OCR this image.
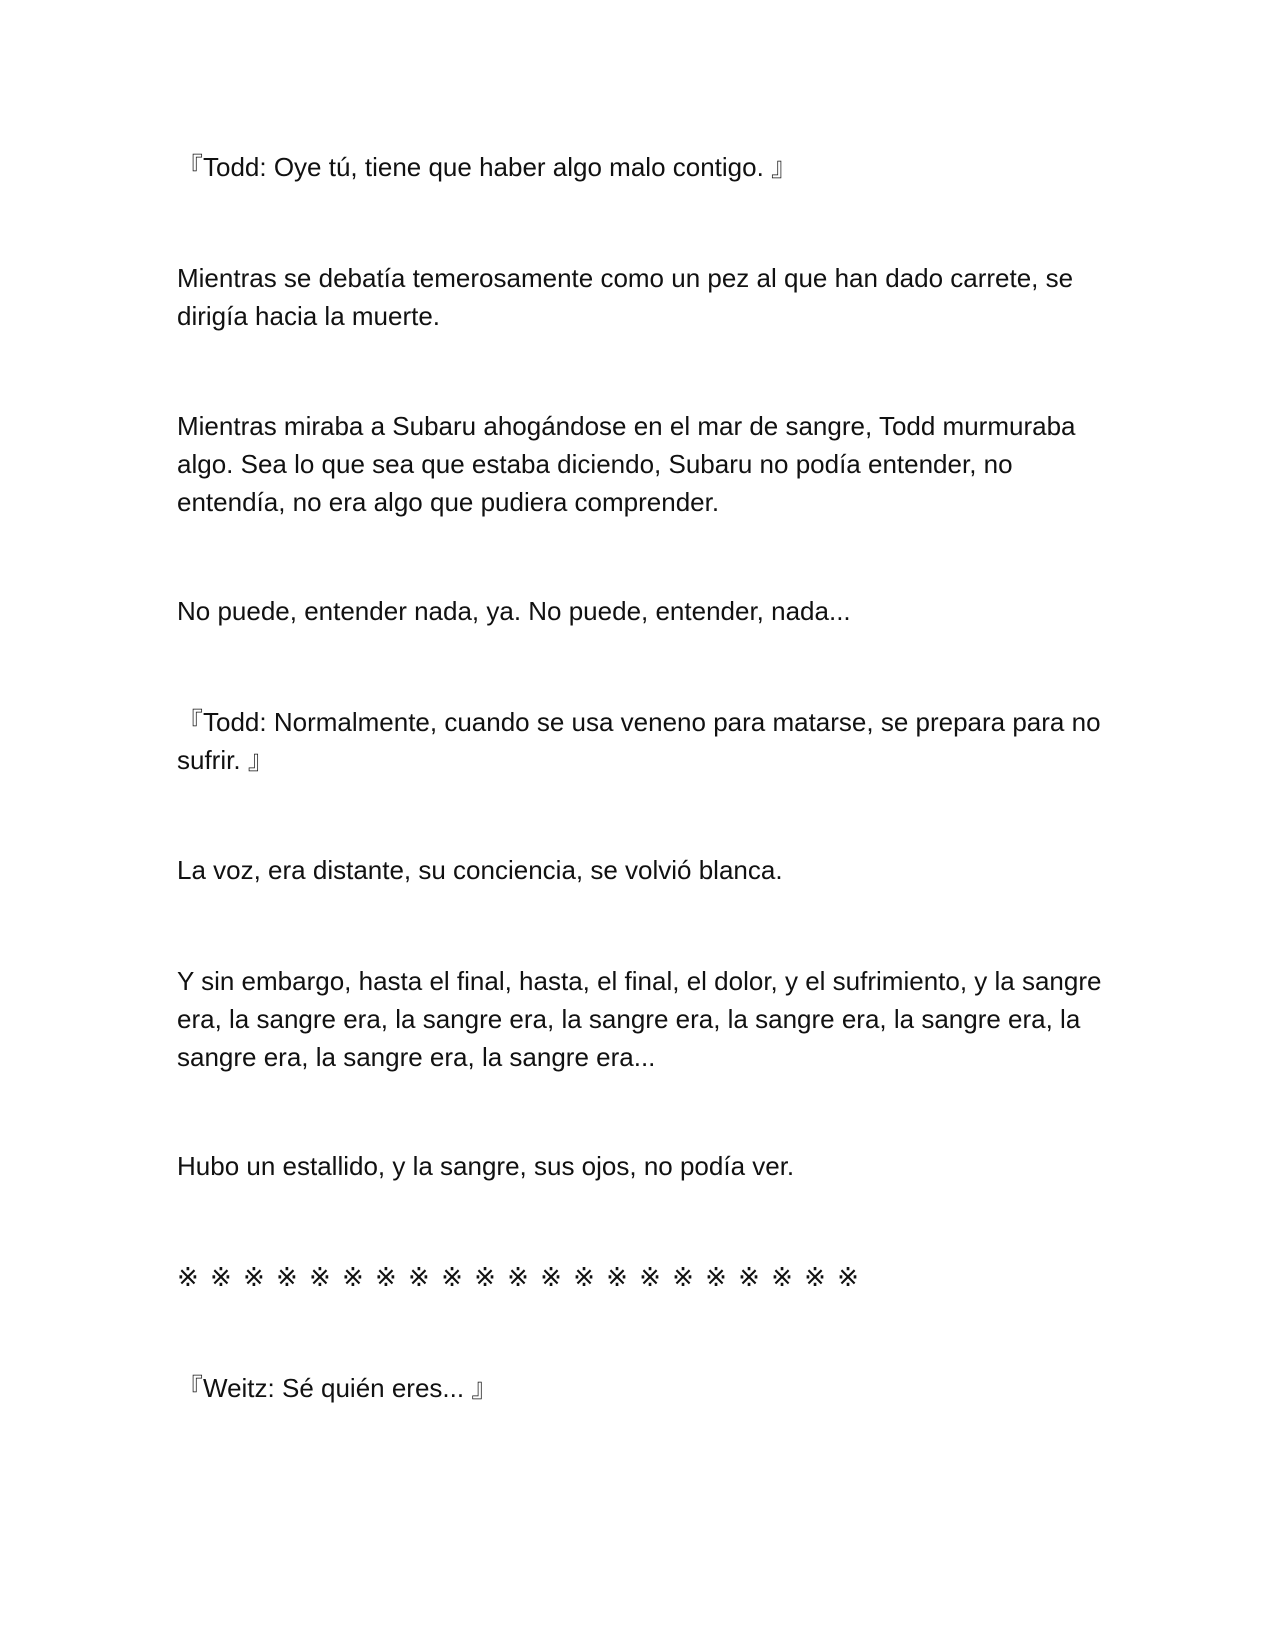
『Todd: Oye tú, tiene que haber algo malo contigo. 』

Mientras se debatía temerosamente como un pez al que han dado carrete, se dirigía hacia la muerte.

Mientras miraba a Subaru ahogándose en el mar de sangre, Todd murmuraba algo. Sea lo que sea que estaba diciendo, Subaru no podía entender, no entendía, no era algo que pudiera comprender.

No puede, entender nada, ya. No puede, entender, nada...

『Todd: Normalmente, cuando se usa veneno para matarse, se prepara para no sufrir. 』

La voz, era distante, su conciencia, se volvió blanca.

Y sin embargo, hasta el final, hasta, el final, el dolor, y el sufrimiento, y la sangre era, la sangre era, la sangre era, la sangre era, la sangre era, la sangre era, la sangre era, la sangre era, la sangre era...

Hubo un estallido, y la sangre, sus ojos, no podía ver.

※ ※ ※ ※ ※ ※ ※ ※ ※ ※ ※ ※ ※ ※ ※ ※ ※ ※ ※ ※ ※

『Weitz: Sé quién eres... 』
